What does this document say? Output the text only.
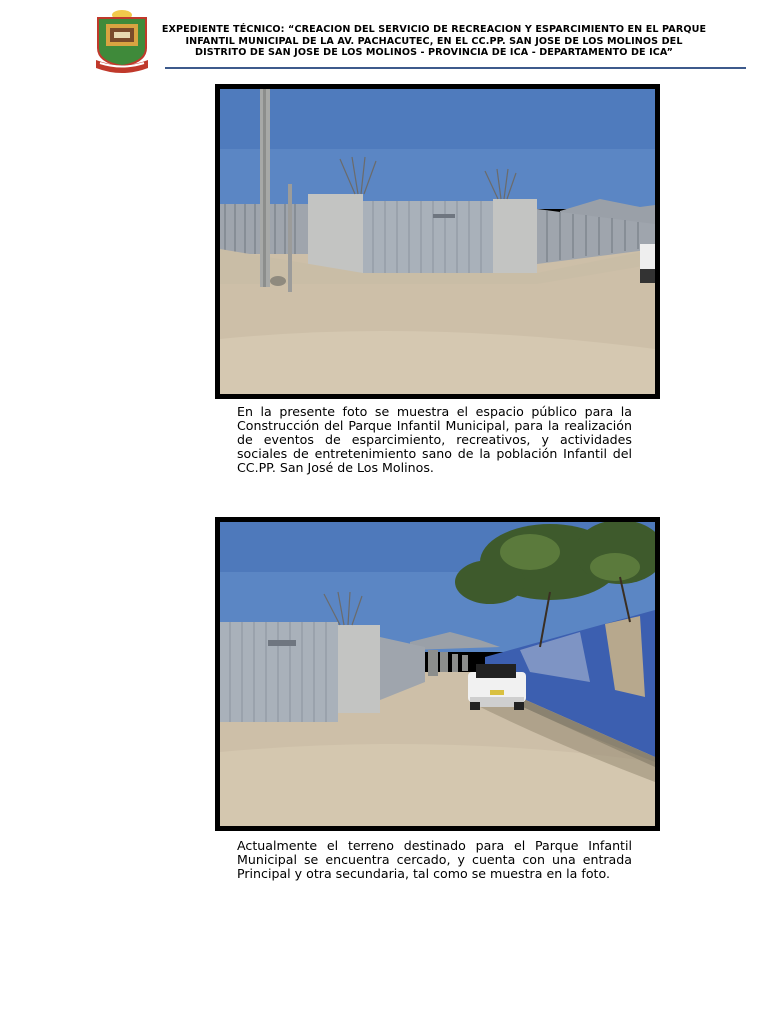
EXPEDIENTE TÉCNICO: “CREACION DEL SERVICIO DE RECREACION Y ESPARCIMIENTO EN EL PARQUE INFANTIL MUNICIPAL DE LA AV. PACHACUTEC, EN EL CC.PP. SAN JOSE DE LOS MOLINOS DEL DISTRITO DE SAN JOSE DE LOS MOLINOS - PROVINCIA DE ICA - DEPARTAMENTO DE ICA”
En la presente foto se muestra el espacio público para la Construcción del Parque Infantil Municipal, para la realización de eventos de esparcimiento, recreativos, y actividades sociales de entretenimiento sano de la población Infantil del CC.PP. San José de Los Molinos.
Actualmente el terreno destinado para el Parque Infantil Municipal se encuentra cercado, y cuenta con una entrada Principal y otra secundaria, tal como se muestra en la foto.
